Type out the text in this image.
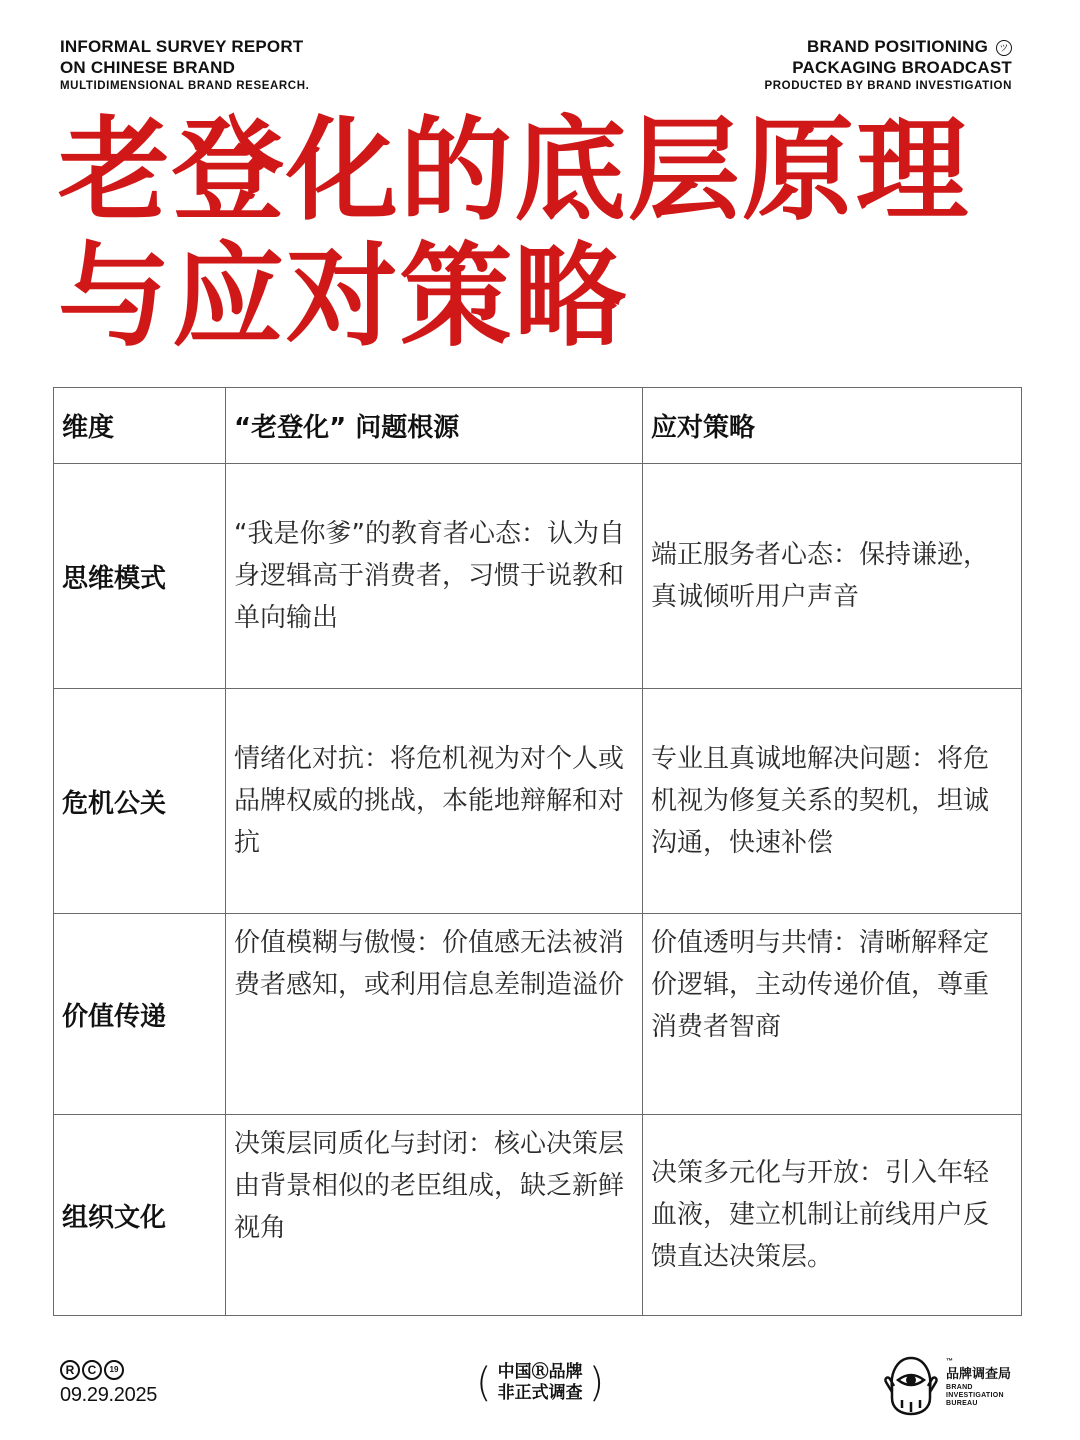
INFORMAL SURVEY REPORT
ON CHINESE BRAND
MULTIDIMENSIONAL BRAND RESEARCH.
BRAND POSITIONING ツ
PACKAGING BROADCAST
PRODUCTED BY BRAND INVESTIGATION
老登化的底层原理
与应对策略
维度	“老登化” 问题根源	应对策略
思维模式	“我是你爹”的教育者心态：认为自身逻辑高于消费者，习惯于说教和单向输出	端正服务者心态：保持谦逊，真诚倾听用户声音
危机公关	情绪化对抗：将危机视为对个人或品牌权威的挑战，本能地辩解和对抗	专业且真诚地解决问题：将危机视为修复关系的契机，坦诚沟通，快速补偿
价值传递	价值模糊与傲慢：价值感无法被消费者感知，或利用信息差制造溢价	价值透明与共情：清晰解释定价逻辑，主动传递价值，尊重消费者智商
组织文化	决策层同质化与封闭：核心决策层由背景相似的老臣组成，缺乏新鲜视角	决策多元化与开放：引入年轻血液，建立机制让前线用户反馈直达决策层。
R	C	19
09.29.2025	( 中国Ⓡ品牌
非正式调查 )	™
品牌调查局
BRAND
INVESTIGATION
BUREAU
